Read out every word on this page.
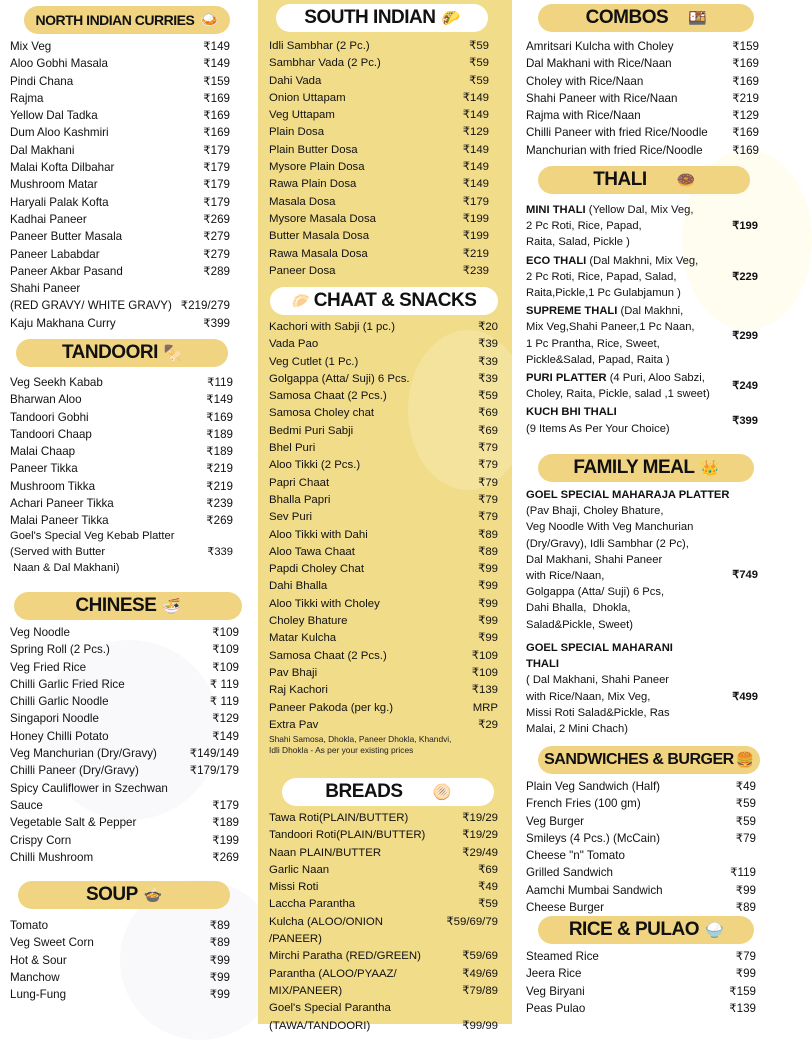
NORTH INDIAN CURRIES 🍛
Mix Veg	₹149
Aloo Gobhi Masala	₹149
Pindi Chana	₹159
Rajma	₹169
Yellow Dal Tadka	₹169
Dum Aloo Kashmiri	₹169
Dal Makhani	₹179
Malai Kofta Dilbahar	₹179
Mushroom Matar	₹179
Haryali Palak Kofta	₹179
Kadhai Paneer	₹269
Paneer Butter Masala	₹279
Paneer Lababdar	₹279
Paneer Akbar Pasand	₹289
Shahi Paneer
(RED GRAVY/ WHITE GRAVY) ₹219/279
Kaju Makhana Curry	₹399
TANDOORI 🍢
Veg Seekh Kabab	₹119
Bharwan Aloo	₹149
Tandoori Gobhi	₹169
Tandoori Chaap	₹189
Malai Chaap	₹189
Paneer Tikka	₹219
Mushroom Tikka	₹219
Achari Paneer Tikka	₹239
Malai Paneer Tikka	₹269
Goel's Special Veg Kebab Platter
(Served with Butter
Naan & Dal Makhani)
₹339
CHINESE 🍜
Veg Noodle	₹109
Spring Roll (2 Pcs.)	₹109
Veg Fried Rice	₹109
Chilli Garlic Fried Rice	₹ 119
Chilli Garlic Noodle	₹ 119
Singapori Noodle	₹129
Honey Chilli Potato	₹149
Veg Manchurian (Dry/Gravy)	₹149/149
Chilli Paneer (Dry/Gravy)	₹179/179
Spicy Cauliflower in Szechwan
Sauce	₹179
Vegetable Salt & Pepper	₹189
Crispy Corn	₹199
Chilli Mushroom	₹269
SOUP 🍲
Tomato	₹89
Veg Sweet Corn	₹89
Hot & Sour	₹99
Manchow	₹99
Lung-Fung	₹99
SOUTH INDIAN 🌮
Idli Sambhar (2 Pc.)	₹59
Sambhar Vada (2 Pc.)	₹59
Dahi Vada	₹59
Onion Uttapam	₹149
Veg Uttapam	₹149
Plain Dosa	₹129
Plain Butter Dosa	₹149
Mysore Plain Dosa	₹149
Rawa Plain Dosa	₹149
Masala Dosa	₹179
Mysore Masala Dosa	₹199
Butter Masala Dosa	₹199
Rawa Masala Dosa	₹219
Paneer Dosa	₹239
🥟 CHAAT & SNACKS
Kachori with Sabji (1 pc.)	₹20
Vada Pao	₹39
Veg Cutlet (1 Pc.)	₹39
Golgappa (Atta/ Suji) 6 Pcs.	₹39
Samosa Chaat (2 Pcs.)	₹59
Samosa Choley chat	₹69
Bedmi Puri Sabji	₹69
Bhel Puri	₹79
Aloo Tikki (2 Pcs.)	₹79
Papri Chaat	₹79
Bhalla Papri	₹79
Sev Puri	₹79
Aloo Tikki with Dahi	₹89
Aloo Tawa Chaat	₹89
Papdi Choley Chat	₹99
Dahi Bhalla	₹99
Aloo Tikki with Choley	₹99
Choley Bhature	₹99
Matar Kulcha	₹99
Samosa Chaat (2 Pcs.)	₹109
Pav Bhaji	₹109
Raj Kachori	₹139
Paneer Pakoda (per kg.)	MRP
Extra Pav	₹29
Shahi Samosa, Dhokla, Paneer Dhokla, Khandvi,
Idli Dhokla - As per your existing prices
BREADS 🫓
Tawa Roti(PLAIN/BUTTER)	₹19/29
Tandoori Roti(PLAIN/BUTTER)	₹19/29
Naan PLAIN/BUTTER	₹29/49
Garlic Naan	₹69
Missi Roti	₹49
Laccha Parantha	₹59
Kulcha (ALOO/ONION	₹59/69/79
/PANEER)
Mirchi Paratha (RED/GREEN)	₹59/69
Parantha (ALOO/PYAAZ/	₹49/69
MIX/PANEER)	₹79/89
Goel's Special Parantha
(TAWA/TANDOORI)	₹99/99
COMBOS 🍱
Amritsari Kulcha with Choley	₹159
Dal Makhani with Rice/Naan	₹169
Choley with Rice/Naan	₹169
Shahi Paneer with Rice/Naan	₹219
Rajma with Rice/Naan	₹129
Chilli Paneer with fried Rice/Noodle ₹169
Manchurian with fried Rice/Noodle	₹169
THALI 🍩
MINI THALI (Yellow Dal, Mix Veg,
2 Pc Roti, Rice, Papad,
Raita, Salad, Pickle )
₹199
ECO THALI (Dal Makhni, Mix Veg,
2 Pc Roti, Rice, Papad, Salad,
Raita,Pickle,1 Pc Gulabjamun )
₹229
SUPREME THALI (Dal Makhni,
Mix Veg,Shahi Paneer,1 Pc Naan,
1 Pc Prantha, Rice, Sweet,
Pickle&Salad, Papad, Raita )
₹299
PURI PLATTER (4 Puri, Aloo Sabzi,
Choley, Raita, Pickle, salad ,1 sweet)
₹249
KUCH BHI THALI
(9 Items As Per Your Choice)
₹399
FAMILY MEAL 👑
GOEL SPECIAL MAHARAJA PLATTER
(Pav Bhaji, Choley Bhature,
Veg Noodle With Veg Manchurian
(Dry/Gravy), Idli Sambhar (2 Pc),
Dal Makhani, Shahi Paneer
with Rice/Naan,
Golgappa (Atta/ Suji) 6 Pcs,
Dahi Bhalla,  Dhokla,
Salad&Pickle, Sweet)
₹749
GOEL SPECIAL MAHARANI
THALI
( Dal Makhani, Shahi Paneer
with Rice/Naan, Mix Veg,
Missi Roti Salad&Pickle, Ras
Malai, 2 Mini Chach)
₹499
SANDWICHES & BURGER 🍔
Plain Veg Sandwich (Half)	₹49
French Fries (100 gm)	₹59
Veg Burger	₹59
Smileys (4 Pcs.) (McCain)	₹79
Cheese "n" Tomato
Grilled Sandwich	₹119
Aamchi Mumbai Sandwich	₹99
Cheese Burger	₹89
RICE & PULAO 🍚
Steamed Rice	₹79
Jeera Rice	₹99
Veg Biryani	₹159
Peas Pulao	₹139
